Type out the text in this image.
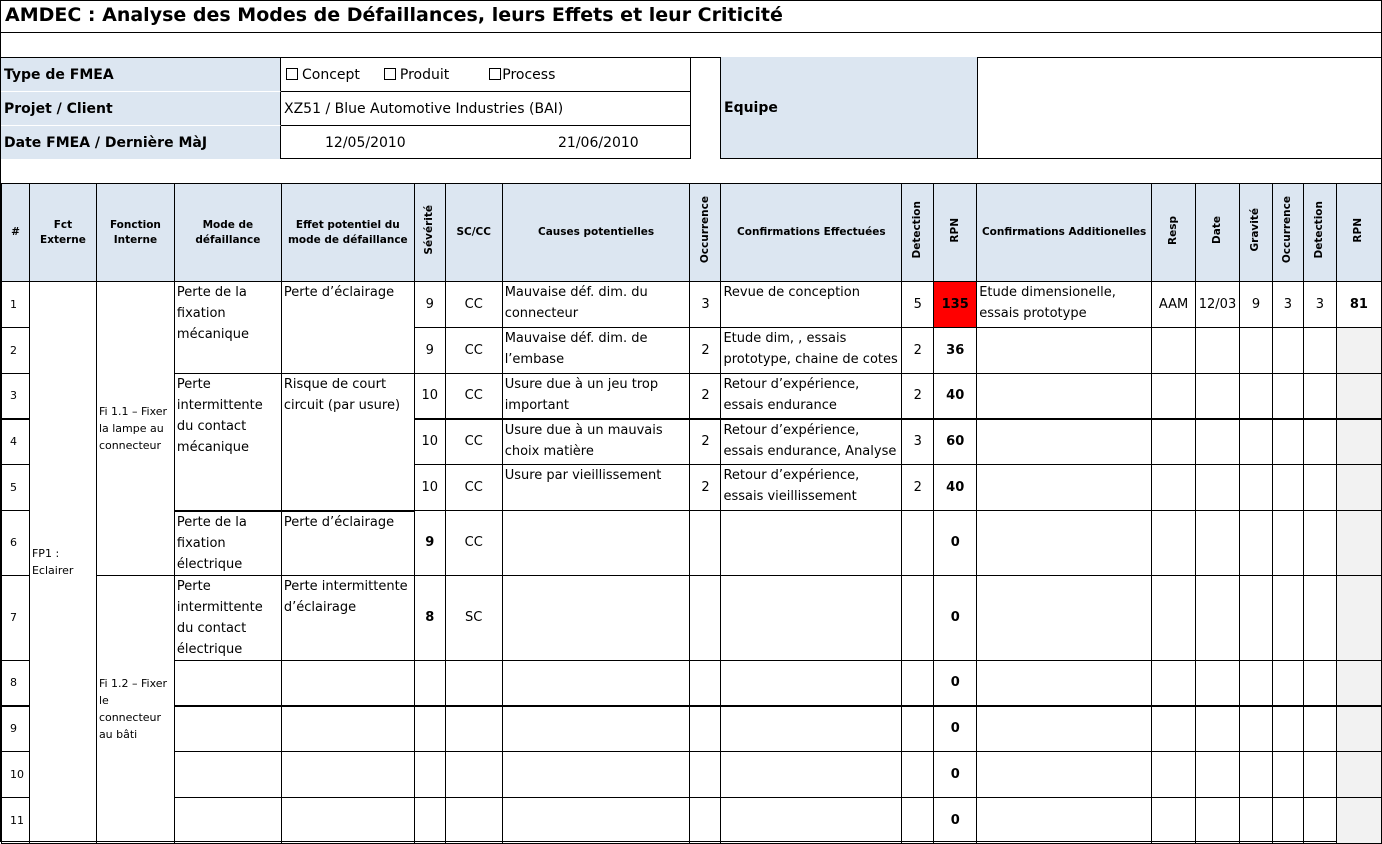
AMDEC : Analyse des Modes de Défaillances, leurs Effets et leur Criticité
Type de FMEA	Concept	Produit	Process
Projet / Client	XZ51 / Blue Automotive Industries (BAI)
Date FMEA / Dernière MàJ	12/05/2010	21/06/2010
Equipe
#	Fct Externe	Fonction Interne	Mode de défaillance	Effet potentiel du mode de défaillance	Sévérité	SC/CC	Causes potentielles	Occurrence	Confirmations Effectuées	Detection	RPN	Confirmations Additionelles	Resp	Date	Gravité	Occurrence	Detection	RPN
1	FP1 : Eclairer	Fi 1.1 – Fixer la lampe au connecteur	Perte de la fixation mécanique	Perte d’éclairage	9	CC	Mauvaise déf. dim. du connecteur	3	Revue de conception	5	135	Etude dimensionelle, essais prototype	AAM	12/03	9	3	3	81
2					9	CC	Mauvaise déf. dim. de l’embase	2	Etude dim, , essais prototype, chaine de cotes	2	36							
3			Perte intermittente du contact mécanique	Risque de court circuit (par usure)	10	CC	Usure due à un jeu trop important	2	Retour d’expérience, essais endurance	2	40							
4					10	CC	Usure due à un mauvais choix matière	2	Retour d’expérience, essais endurance, Analyse	3	60							
5					10	CC	Usure par vieillissement	2	Retour d’expérience, essais vieillissement	2	40							
6			Perte de la fixation électrique	Perte d’éclairage	9	CC					0							
7		Fi 1.2 – Fixer le connecteur au bâti	Perte intermittente du contact électrique	Perte intermittente d’éclairage	8	SC					0							
8											0							
9											0							
10											0							
11											0							
